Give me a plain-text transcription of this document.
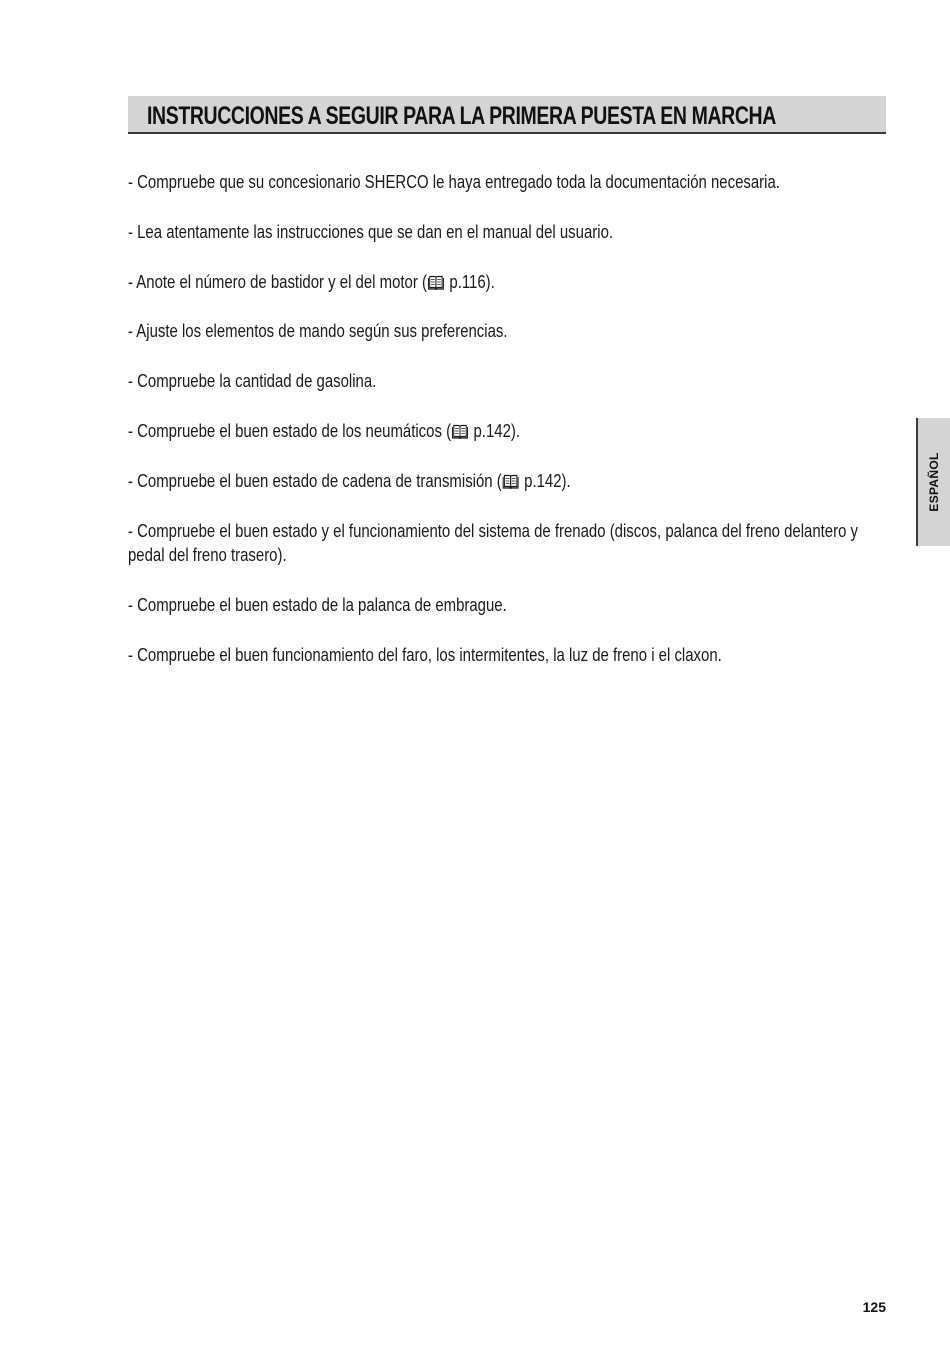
INSTRUCCIONES A SEGUIR PARA LA PRIMERA PUESTA EN MARCHA
- Compruebe que su concesionario SHERCO le haya entregado toda la documentación necesaria.
- Lea atentamente las instrucciones que se dan en el manual del usuario.
- Anote el número de bastidor y el del motor ( p.116).
- Ajuste los elementos de mando según sus preferencias.
- Compruebe la cantidad de gasolina.
- Compruebe el buen estado de los neumáticos ( p.142).
- Compruebe el buen estado de cadena de transmisión ( p.142).
- Compruebe el buen estado y el funcionamiento del sistema de frenado (discos, palanca del freno delantero y pedal del freno trasero).
- Compruebe el buen estado de la palanca de embrague.
- Compruebe el buen funcionamiento del faro, los intermitentes, la luz de freno i el claxon.
ESPAÑOL
125
